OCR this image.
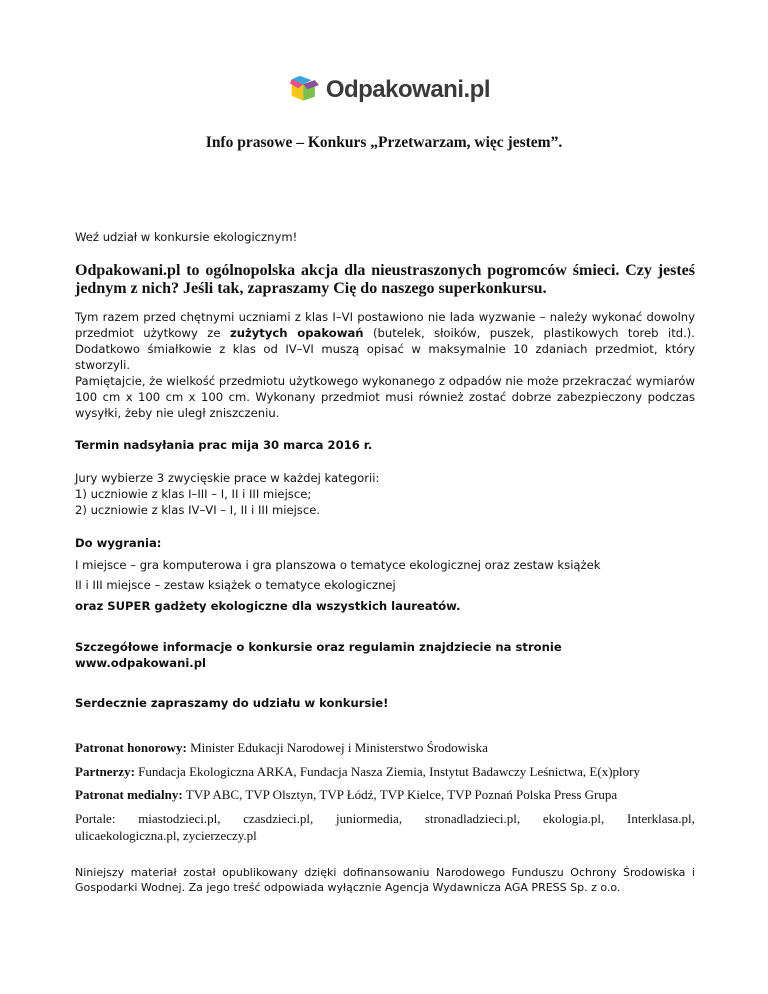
Odpakowani.pl
Info prasowe – Konkurs „Przetwarzam, więc jestem”.

Weź udział w konkursie ekologicznym!

Odpakowani.pl to ogólnopolska akcja dla nieustraszonych pogromców śmieci. Czy jesteś jednym z nich? Jeśli tak, zapraszamy Cię do naszego superkonkursu.

Tym razem przed chętnymi uczniami z klas I–VI postawiono nie lada wyzwanie – należy wykonać dowolny przedmiot użytkowy ze zużytych opakowań (butelek, słoików, puszek, plastikowych toreb itd.). Dodatkowo śmiałkowie z klas od IV–VI muszą opisać w maksymalnie 10 zdaniach przedmiot, który stworzyli.

Pamiętajcie, że wielkość przedmiotu użytkowego wykonanego z odpadów nie może przekraczać wymiarów 100 cm x 100 cm x 100 cm. Wykonany przedmiot musi również zostać dobrze zabezpieczony podczas wysyłki, żeby nie uległ zniszczeniu.

Termin nadsyłania prac mija 30 marca 2016 r.

Jury wybierze 3 zwycięskie prace w każdej kategorii:
1) uczniowie z klas I–III – I, II i III miejsce;
2) uczniowie z klas IV–VI – I, II i III miejsce.

Do wygrania:

I miejsce – gra komputerowa i gra planszowa o tematyce ekologicznej oraz zestaw książek

II i III miejsce – zestaw książek o tematyce ekologicznej

oraz SUPER gadżety ekologiczne dla wszystkich laureatów.

Szczegółowe informacje o konkursie oraz regulamin znajdziecie na stronie www.odpakowani.pl

Serdecznie zapraszamy do udziału w konkursie!

Patronat honorowy: Minister Edukacji Narodowej i Ministerstwo Środowiska

Partnerzy: Fundacja Ekologiczna ARKA, Fundacja Nasza Ziemia, Instytut Badawczy Leśnictwa, E(x)plory

Patronat medialny: TVP ABC, TVP Olsztyn, TVP Łódź, TVP Kielce, TVP Poznań Polska Press Grupa

Portale: miastodzieci.pl, czasdzieci.pl, juniormedia, stronadladzieci.pl, ekologia.pl, Interklasa.pl,
ulicaekologiczna.pl, zycierzeczy.pl

Niniejszy materiał został opublikowany dzięki dofinansowaniu Narodowego Funduszu Ochrony Środowiska i Gospodarki Wodnej. Za jego treść odpowiada wyłącznie Agencja Wydawnicza AGA PRESS Sp. z o.o.
